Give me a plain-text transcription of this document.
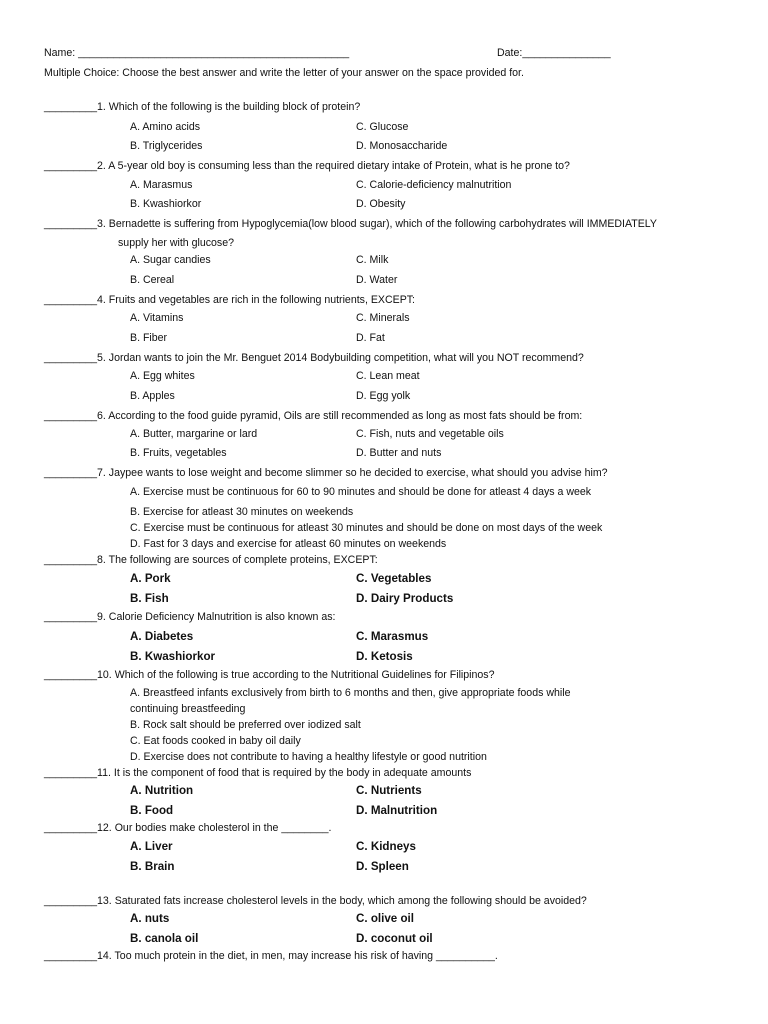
Name: ______________________________________________	Date:_______________
Multiple Choice: Choose the best answer and write the letter of your answer on the space provided for.
_________1. Which of the following is the building block of protein?
A. Amino acids	C. Glucose
B. Triglycerides	D. Monosaccharide
_________2. A 5-year old boy is consuming less than the required dietary intake of Protein, what is he prone to?
A. Marasmus	C. Calorie-deficiency malnutrition
B. Kwashiorkor	D. Obesity
_________3. Bernadette is suffering from Hypoglycemia(low blood sugar), which of the following carbohydrates will IMMEDIATELY
supply her with glucose?
A. Sugar candies	C. Milk
B. Cereal	D. Water
_________4. Fruits and vegetables are rich in the following nutrients, EXCEPT:
A. Vitamins	C. Minerals
B. Fiber	D. Fat
_________5. Jordan wants to join the Mr. Benguet 2014 Bodybuilding competition, what will you NOT recommend?
A. Egg whites	C. Lean meat
B. Apples	D. Egg yolk
_________6. According to the food guide pyramid, Oils are still recommended as long as most fats should be from:
A. Butter, margarine or lard	C. Fish, nuts and vegetable oils
B. Fruits, vegetables	D. Butter and nuts
_________7. Jaypee wants to lose weight and become slimmer so he decided to exercise, what should you advise him?
A. Exercise must be continuous for 60 to 90 minutes and should be done for atleast 4 days a week
B. Exercise for atleast 30 minutes on weekends
C. Exercise must be continuous for atleast 30 minutes and should be done on most days of the week
D. Fast for 3 days and exercise for atleast 60 minutes on weekends
_________8. The following are sources of complete proteins, EXCEPT:
A. Pork	C. Vegetables
B. Fish	D. Dairy Products
_________9. Calorie Deficiency Malnutrition is also known as:
A. Diabetes	C. Marasmus
B. Kwashiorkor	D. Ketosis
_________10. Which of the following is true according to the Nutritional Guidelines for Filipinos?
A. Breastfeed infants exclusively from birth to 6 months and then, give appropriate foods while
continuing breastfeeding
B. Rock salt should be preferred over iodized salt
C. Eat foods cooked in baby oil daily
D. Exercise does not contribute to having a healthy lifestyle or good nutrition
_________11. It is the component of food that is required by the body in adequate amounts
A. Nutrition	C. Nutrients
B. Food	D. Malnutrition
_________12. Our bodies make cholesterol in the ________.
A. Liver	C. Kidneys
B. Brain	D. Spleen
_________13. Saturated fats increase cholesterol levels in the body, which among the following should be avoided?
A. nuts	C. olive oil
B. canola oil	D. coconut oil
_________14. Too much protein in the diet, in men, may increase his risk of having __________.
